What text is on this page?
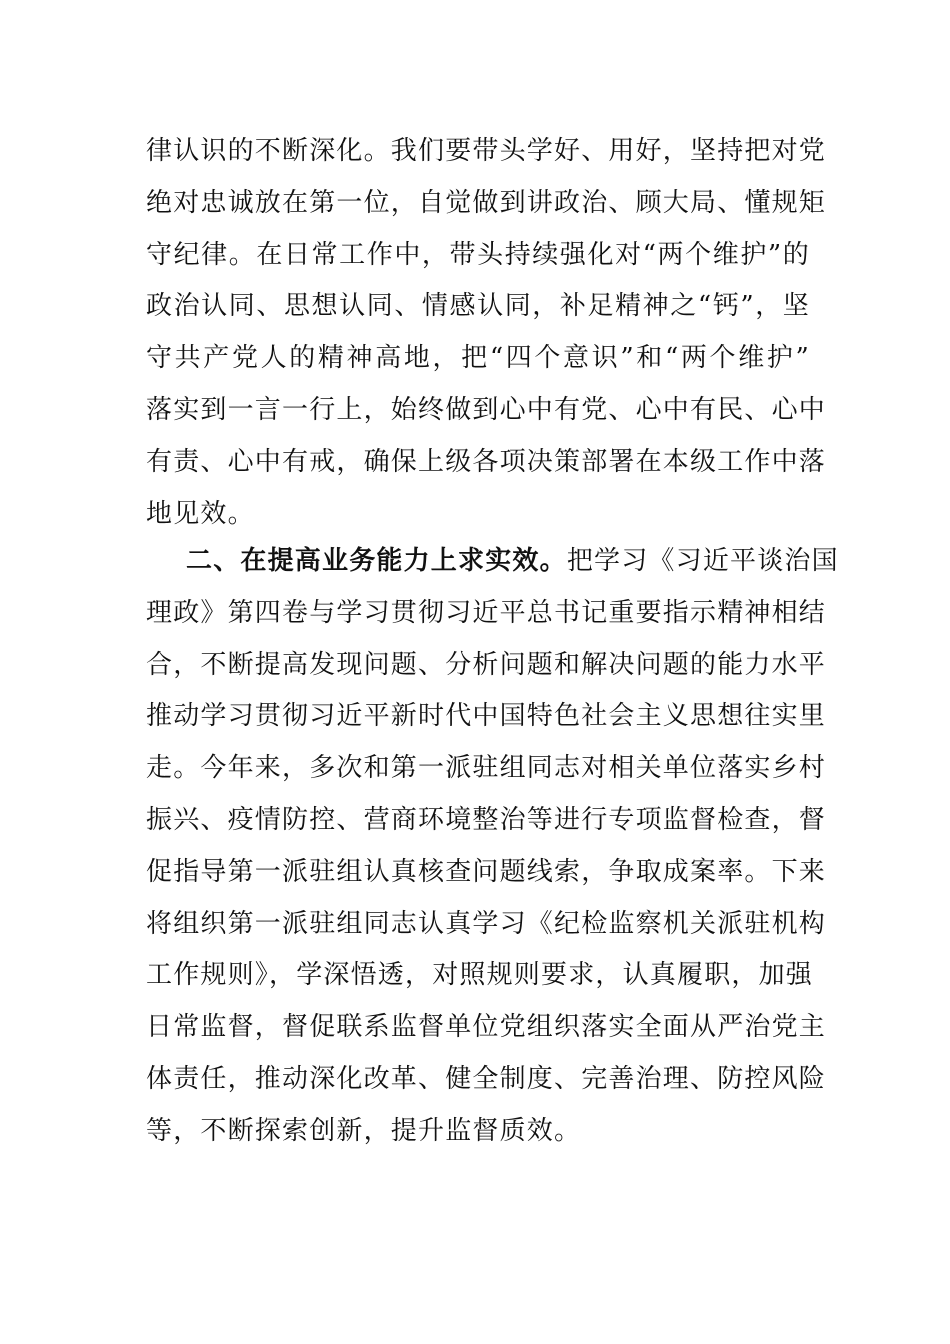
律认识的不断深化。我们要带头学好、用好，坚持把对党
绝对忠诚放在第一位，自觉做到讲政治、顾大局、懂规矩
守纪律。在日常工作中，带头持续强化对“两个维护”的
政治认同、思想认同、情感认同，补足精神之“钙”，坚
守共产党人的精神高地，把“四个意识”和“两个维护”
落实到一言一行上，始终做到心中有党、心中有民、心中
有责、心中有戒，确保上级各项决策部署在本级工作中落
地见效。
二、在提高业务能力上求实效。把学习《习近平谈治国
理政》第四卷与学习贯彻习近平总书记重要指示精神相结
合，不断提高发现问题、分析问题和解决问题的能力水平
推动学习贯彻习近平新时代中国特色社会主义思想往实里
走。今年来，多次和第一派驻组同志对相关单位落实乡村
振兴、疫情防控、营商环境整治等进行专项监督检查，督
促指导第一派驻组认真核查问题线索，争取成案率。下来
将组织第一派驻组同志认真学习《纪检监察机关派驻机构
工作规则》，学深悟透，对照规则要求，认真履职，加强
日常监督，督促联系监督单位党组织落实全面从严治党主
体责任，推动深化改革、健全制度、完善治理、防控风险
等，不断探索创新，提升监督质效。
